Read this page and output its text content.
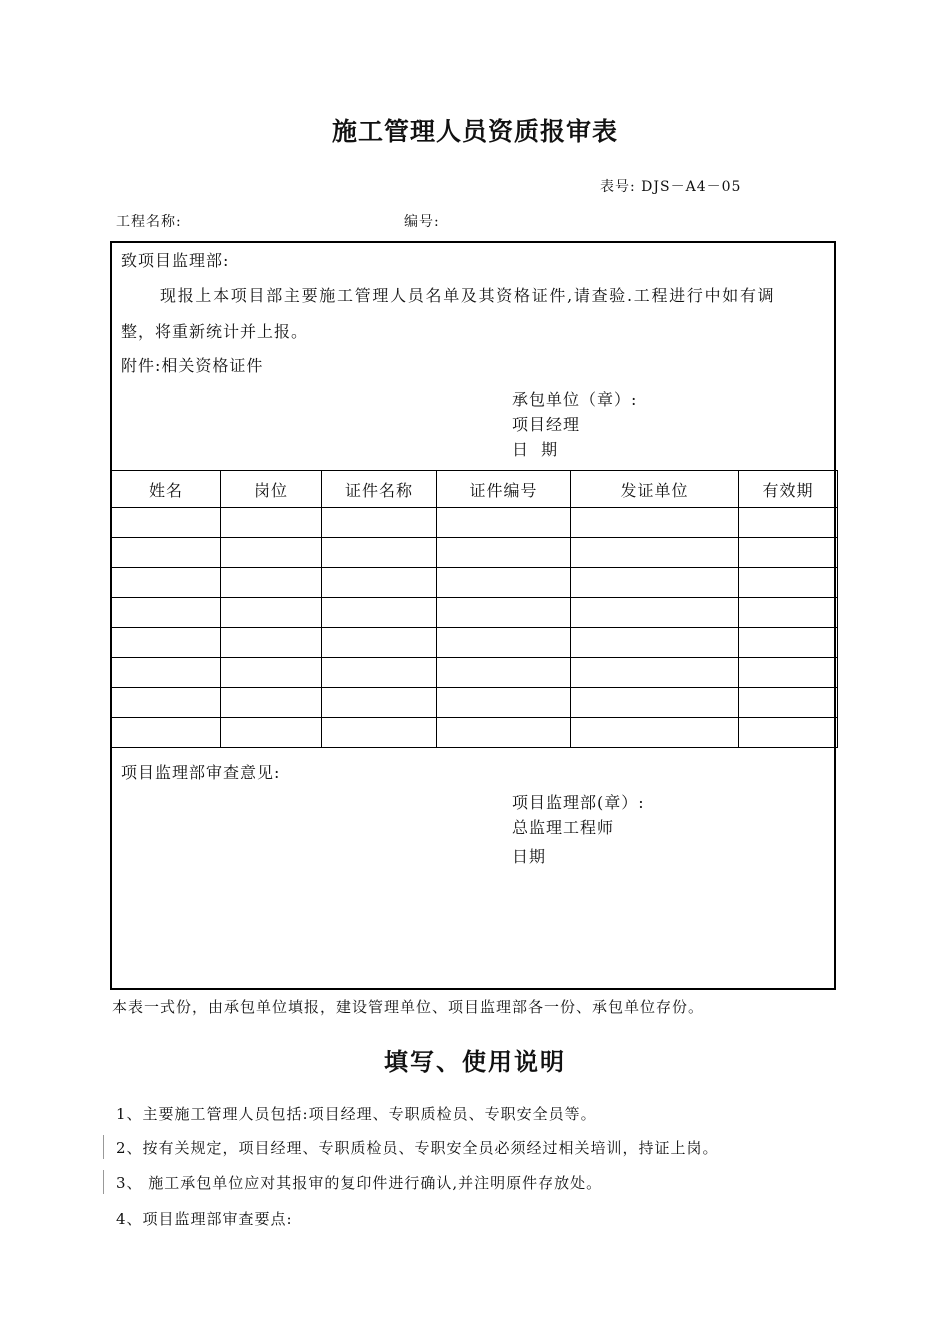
施工管理人员资质报审表
表号: DJS－A4－05
工程名称:	编号:
致项目监理部:
现报上本项目部主要施工管理人员名单及其资格证件,请查验.工程进行中如有调
整，将重新统计并上报。
附件:相关资格证件
承包单位（章）:
项目经理
日  期
姓名	岗位	证件名称	证件编号	发证单位	有效期

项目监理部审查意见:
项目监理部(章）:
总监理工程师
日期
本表一式份，由承包单位填报，建设管理单位、项目监理部各一份、承包单位存份。
填写、使用说明
1、主要施工管理人员包括:项目经理、专职质检员、专职安全员等。
2、按有关规定，项目经理、专职质检员、专职安全员必须经过相关培训，持证上岗。
3、 施工承包单位应对其报审的复印件进行确认,并注明原件存放处。
4、项目监理部审查要点:
